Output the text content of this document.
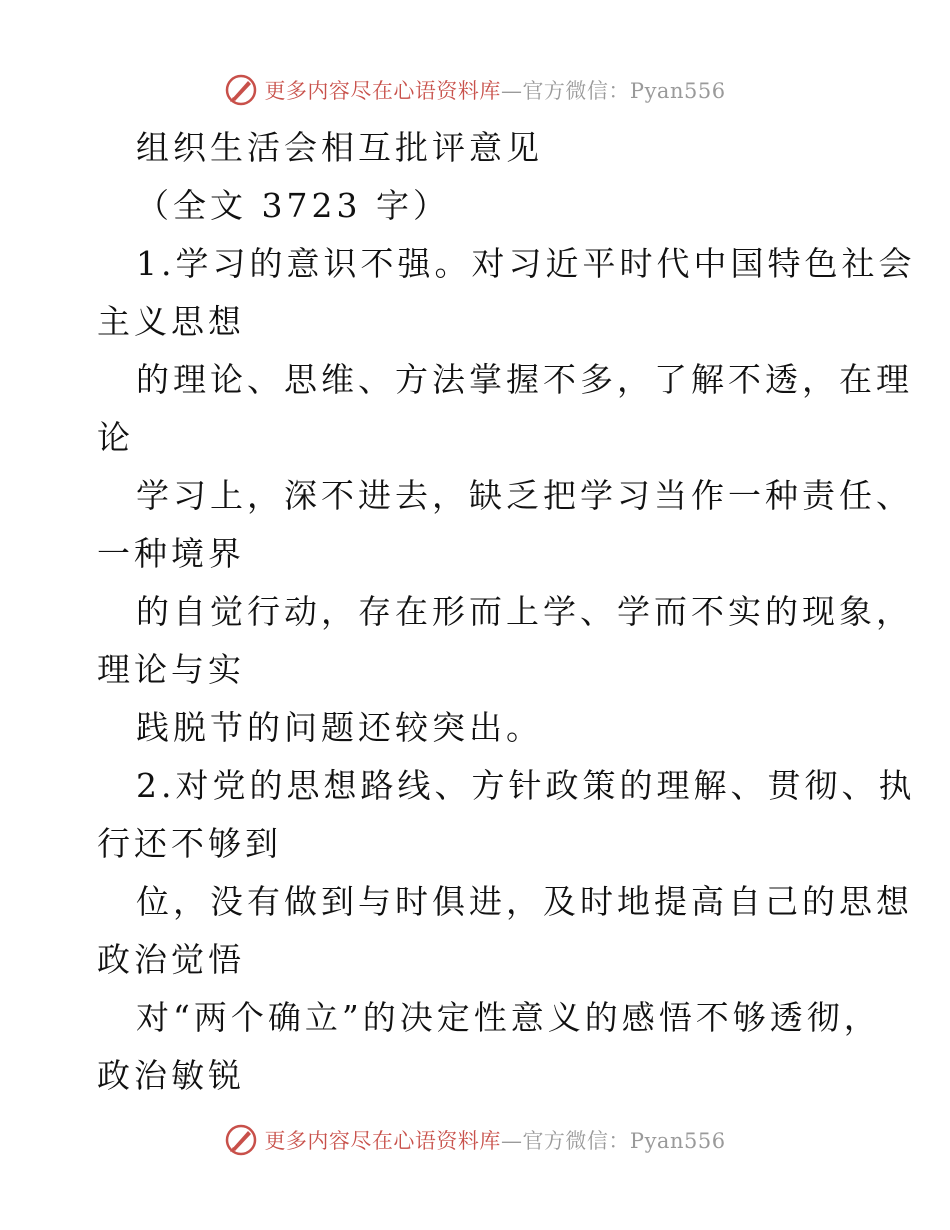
更多内容尽在心语资料库—官方微信：Pyan556
组织生活会相互批评意见
（全文 3723 字）
1.学习的意识不强。对习近平时代中国特色社会
主义思想
的理论、思维、方法掌握不多，了解不透，在理
论
学习上，深不进去，缺乏把学习当作一种责任、
一种境界
的自觉行动，存在形而上学、学而不实的现象，
理论与实
践脱节的问题还较突出。
2.对党的思想路线、方针政策的理解、贯彻、执
行还不够到
位，没有做到与时俱进，及时地提高自己的思想
政治觉悟
对“两个确立”的决定性意义的感悟不够透彻，
政治敏锐
更多内容尽在心语资料库—官方微信：Pyan556
